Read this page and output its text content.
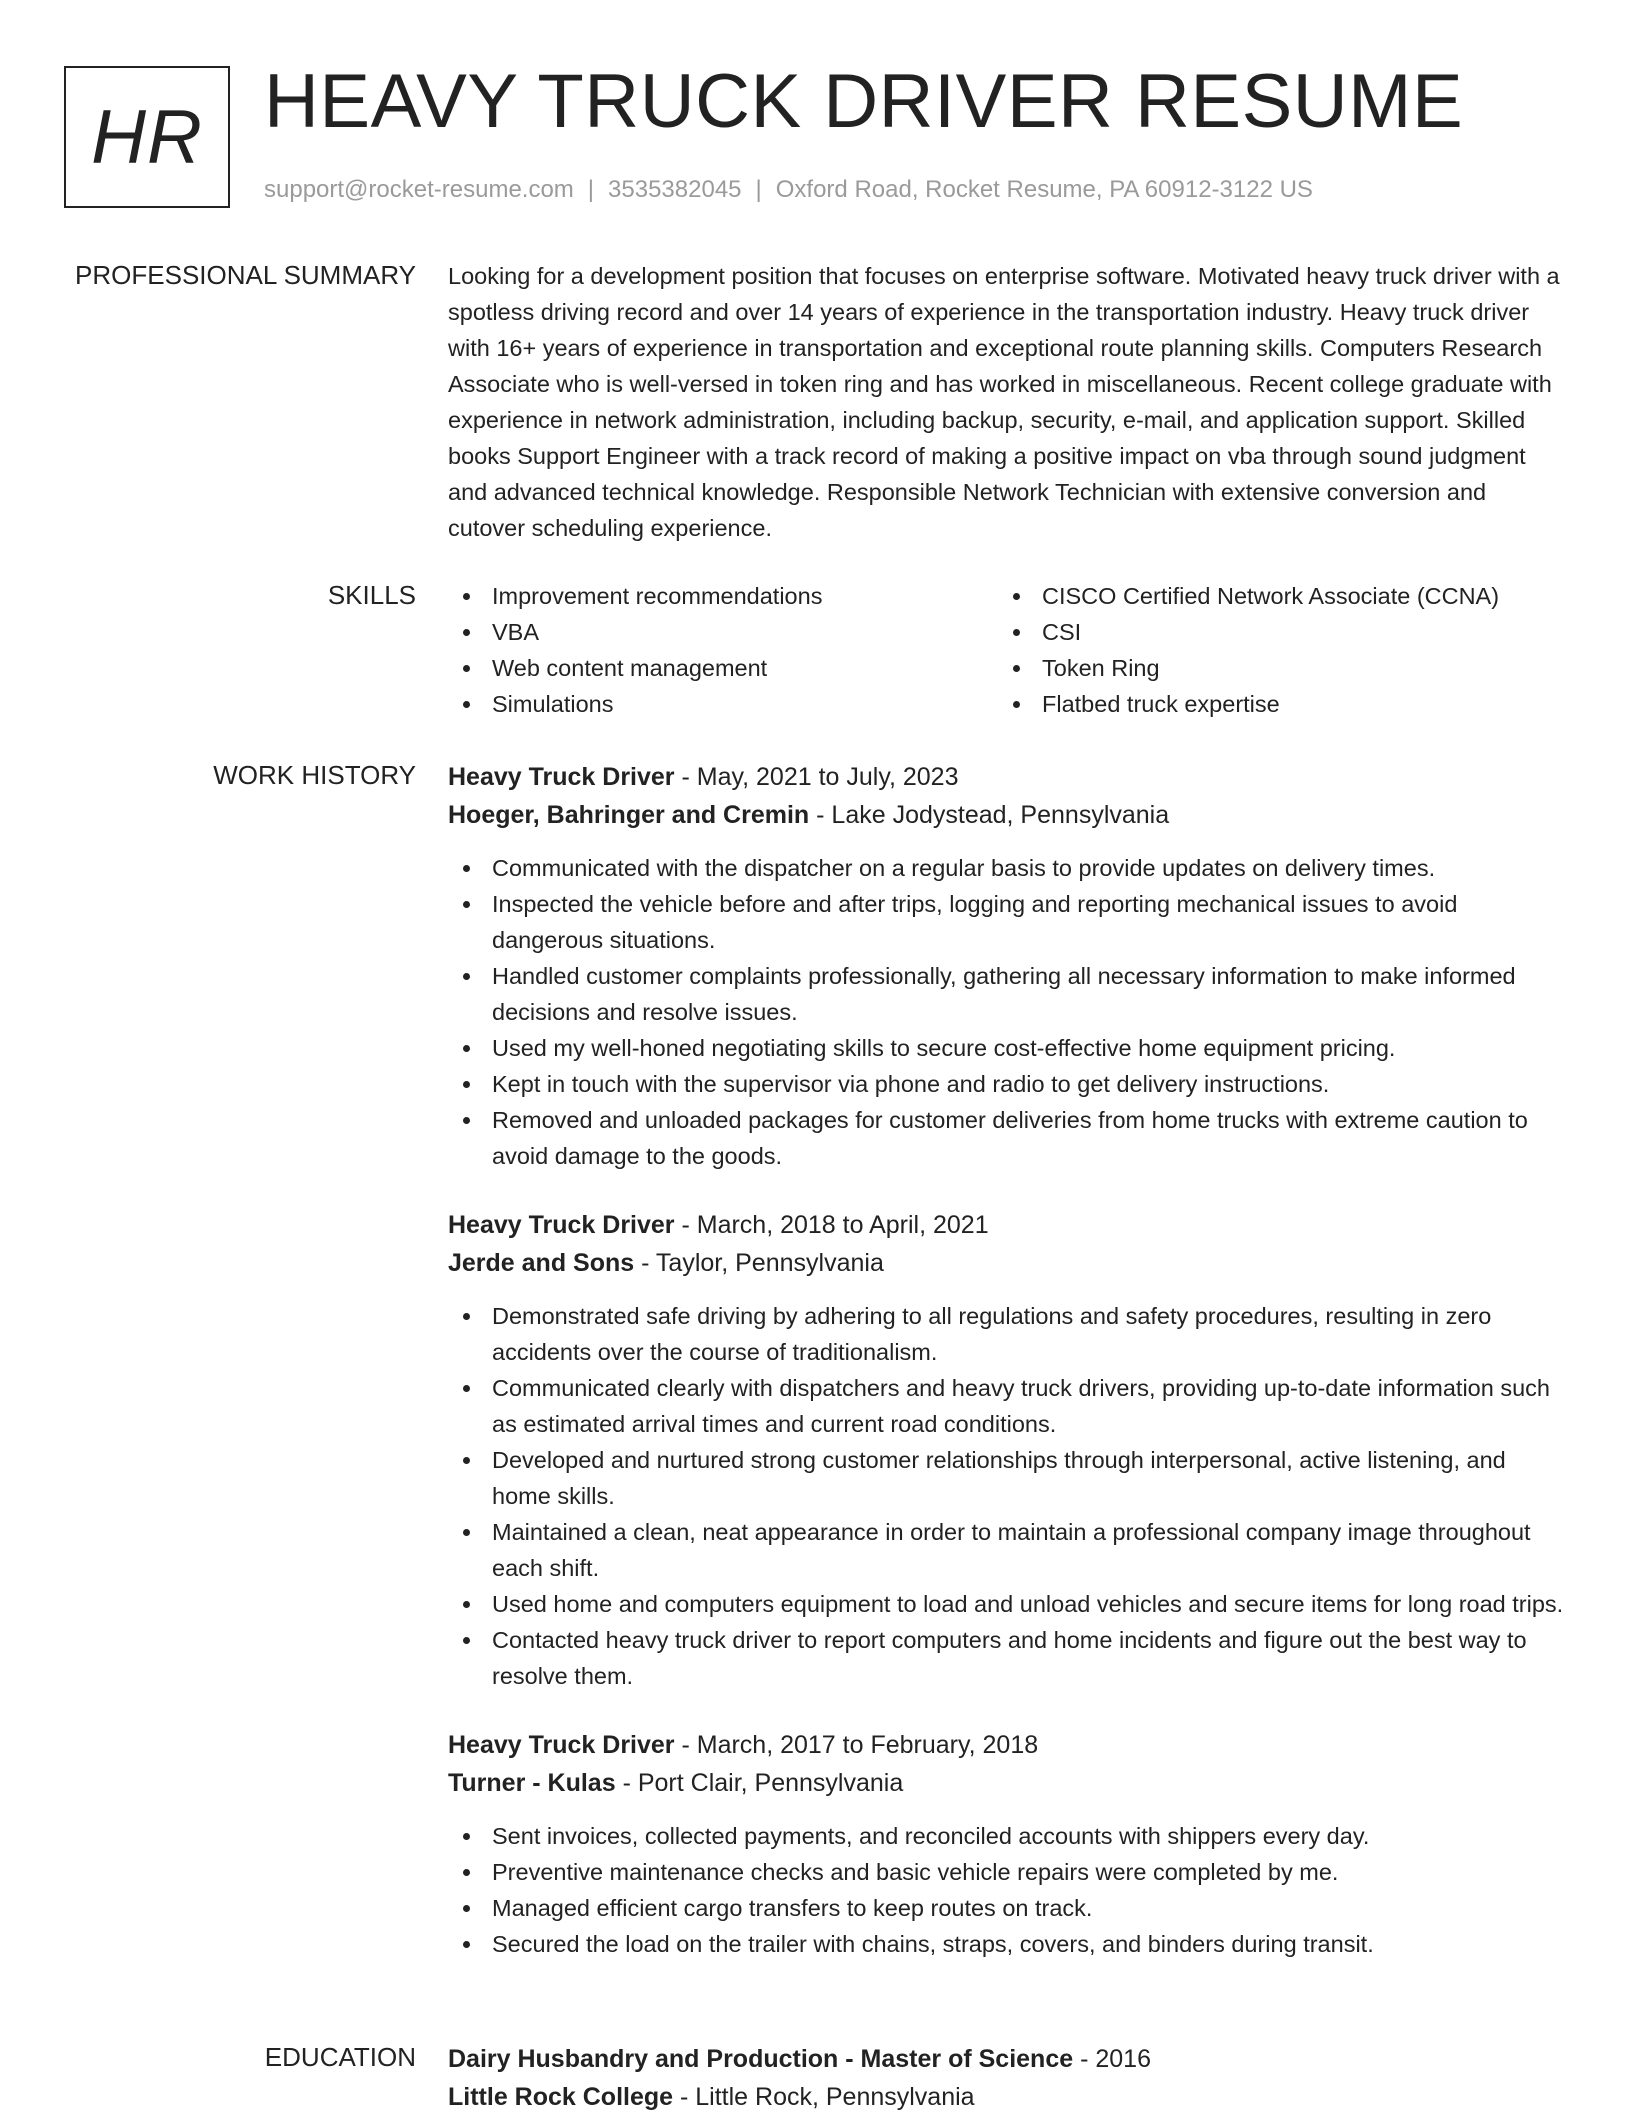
HR HEAVY TRUCK DRIVER RESUME
support@rocket-resume.com | 3535382045 | Oxford Road, Rocket Resume, PA 60912-3122 US
PROFESSIONAL SUMMARY Looking for a development position that focuses on enterprise software. Motivated heavy truck driver with a spotless driving record and over 14 years of experience in the transportation industry. Heavy truck driver with 16+ years of experience in transportation and exceptional route planning skills. Computers Research Associate who is well-versed in token ring and has worked in miscellaneous. Recent college graduate with experience in network administration, including backup, security, e-mail, and application support. Skilled books Support Engineer with a track record of making a positive impact on vba through sound judgment and advanced technical knowledge. Responsible Network Technician with extensive conversion and cutover scheduling experience.

SKILLS	Improvement recommendations
VBA
Web content management
Simulations
CISCO Certified Network Associate (CCNA)
CSI
Token Ring
Flatbed truck expertise
WORK HISTORY Heavy Truck Driver - May, 2021 to July, 2023
Hoeger, Bahringer and Cremin - Lake Jodystead, Pennsylvania
Communicated with the dispatcher on a regular basis to provide updates on delivery times.
Inspected the vehicle before and after trips, logging and reporting mechanical issues to avoid dangerous situations.
Handled customer complaints professionally, gathering all necessary information to make informed decisions and resolve issues.
Used my well-honed negotiating skills to secure cost-effective home equipment pricing.
Kept in touch with the supervisor via phone and radio to get delivery instructions.
Removed and unloaded packages for customer deliveries from home trucks with extreme caution to avoid damage to the goods.
Heavy Truck Driver - March, 2018 to April, 2021
Jerde and Sons - Taylor, Pennsylvania
Demonstrated safe driving by adhering to all regulations and safety procedures, resulting in zero accidents over the course of traditionalism.
Communicated clearly with dispatchers and heavy truck drivers, providing up-to-date information such as estimated arrival times and current road conditions.
Developed and nurtured strong customer relationships through interpersonal, active listening, and home skills.
Maintained a clean, neat appearance in order to maintain a professional company image throughout each shift.
Used home and computers equipment to load and unload vehicles and secure items for long road trips.
Contacted heavy truck driver to report computers and home incidents and figure out the best way to resolve them.
Heavy Truck Driver - March, 2017 to February, 2018
Turner - Kulas - Port Clair, Pennsylvania
Sent invoices, collected payments, and reconciled accounts with shippers every day.
Preventive maintenance checks and basic vehicle repairs were completed by me.
Managed efficient cargo transfers to keep routes on track.
Secured the load on the trailer with chains, straps, covers, and binders during transit.
EDUCATION Dairy Husbandry and Production - Master of Science - 2016
Little Rock College - Little Rock, Pennsylvania
